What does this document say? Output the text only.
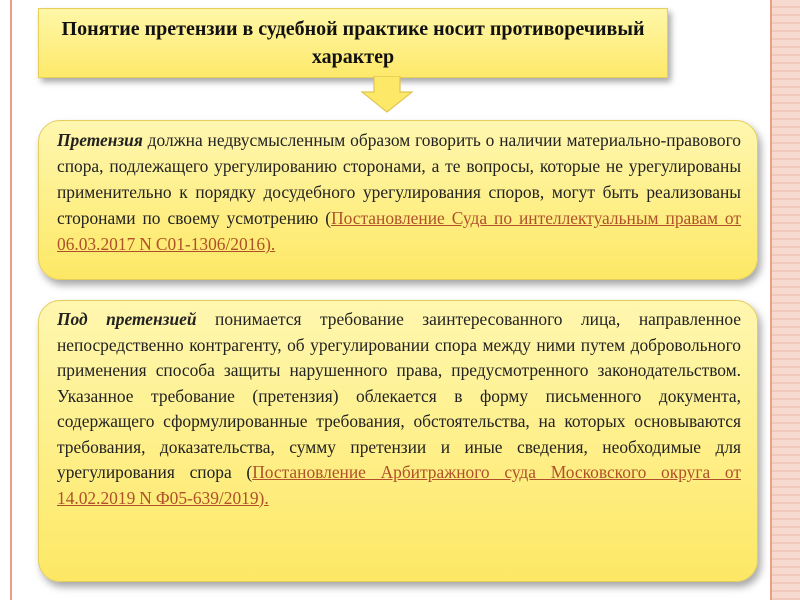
Понятие претензии в судебной практике носит противоречивый характер

Претензия должна недвусмысленным образом говорить о наличии материально-правового спора, подлежащего урегулированию сторонами, а те вопросы, которые не урегулированы применительно к порядку досудебного урегулирования споров, могут быть реализованы сторонами по своему усмотрению (Постановление Суда по интеллектуальным правам от 06.03.2017 N С01-1306/2016).

Под претензией понимается требование заинтересованного лица, направленное непосредственно контрагенту, об урегулировании спора между ними путем добровольного применения способа защиты нарушенного права, предусмотренного законодательством. Указанное требование (претензия) облекается в форму письменного документа, содержащего сформулированные требования, обстоятельства, на которых основываются требования, доказательства, сумму претензии и иные сведения, необходимые для урегулирования спора (Постановление Арбитражного суда Московского округа от 14.02.2019 N Ф05-639/2019).
